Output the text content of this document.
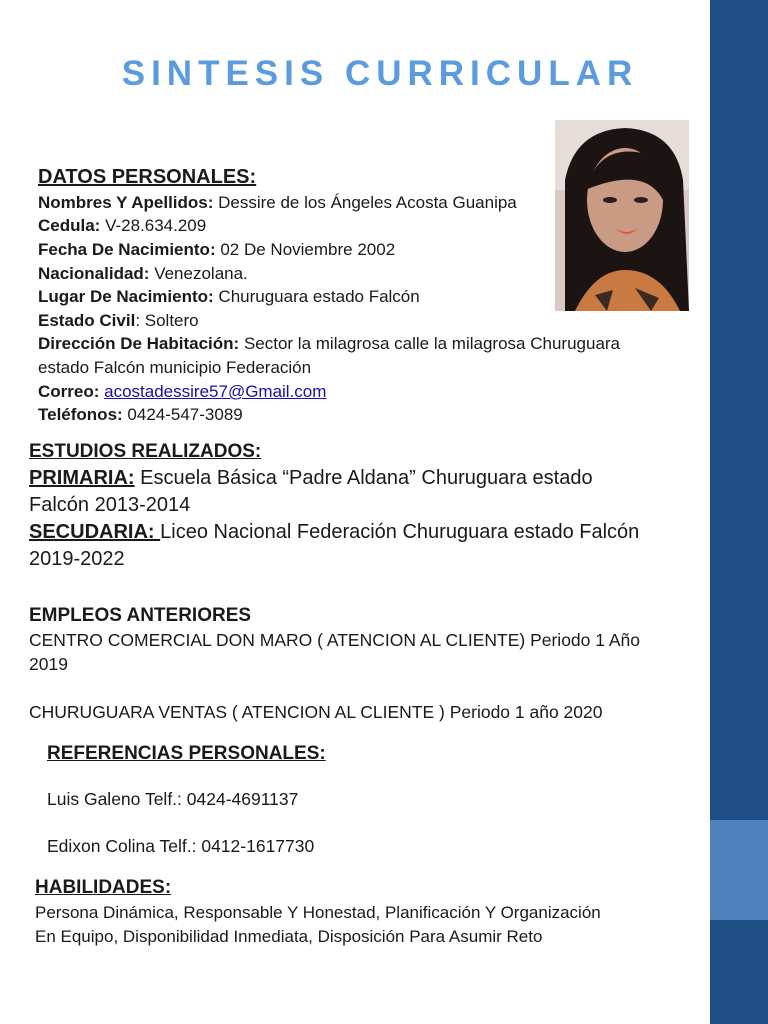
SINTESIS CURRICULAR
DATOS PERSONALES:
Nombres Y Apellidos: Dessire de los Ángeles Acosta Guanipa
Cedula: V-28.634.209
Fecha De Nacimiento: 02 De Noviembre 2002
Nacionalidad: Venezolana.
Lugar De Nacimiento: Churuguara estado Falcón
Estado Civil: Soltero
Dirección De Habitación: Sector la milagrosa calle la milagrosa Churuguara
estado Falcón municipio Federación
Correo: acostadessire57@Gmail.com
Teléfonos: 0424-547-3089
ESTUDIOS REALIZADOS:
PRIMARIA: Escuela Básica “Padre Aldana” Churuguara estado
Falcón 2013-2014
SECUDARIA: Liceo Nacional Federación Churuguara estado Falcón
2019-2022
EMPLEOS ANTERIORES
CENTRO COMERCIAL DON MARO ( ATENCION AL CLIENTE) Periodo 1 Año
2019
CHURUGUARA VENTAS ( ATENCION AL CLIENTE ) Periodo 1 año 2020
REFERENCIAS PERSONALES:
Luis Galeno Telf.: 0424-4691137
Edixon Colina Telf.: 0412-1617730
HABILIDADES:
Persona Dinámica, Responsable Y Honestad, Planificación Y Organización
En Equipo, Disponibilidad Inmediata, Disposición Para Asumir Reto
